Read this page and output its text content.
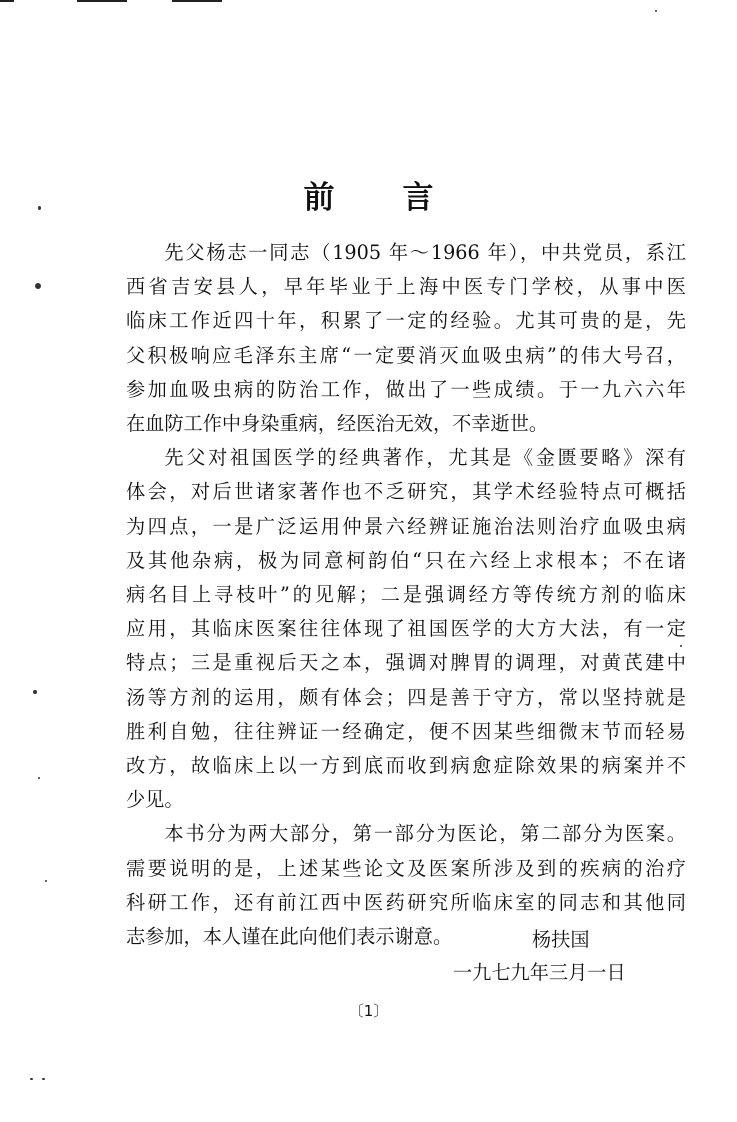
前 言
先父杨志一同志（1905 年～1966 年），中共党员，系江
西省吉安县人，早年毕业于上海中医专门学校，从事中医
临床工作近四十年，积累了一定的经验。尤其可贵的是，先
父积极响应毛泽东主席“一定要消灭血吸虫病”的伟大号召，
参加血吸虫病的防治工作，做出了一些成绩。于一九六六年
在血防工作中身染重病，经医治无效，不幸逝世。
先父对祖国医学的经典著作，尤其是《金匮要略》深有
体会，对后世诸家著作也不乏研究，其学术经验特点可概括
为四点，一是广泛运用仲景六经辨证施治法则治疗血吸虫病
及其他杂病，极为同意柯韵伯“只在六经上求根本；不在诸
病名目上寻枝叶”的见解；二是强调经方等传统方剂的临床
应用，其临床医案往往体现了祖国医学的大方大法，有一定
特点；三是重视后天之本，强调对脾胃的调理，对黄芪建中
汤等方剂的运用，颇有体会；四是善于守方，常以坚持就是
胜利自勉，往往辨证一经确定，便不因某些细微末节而轻易
改方，故临床上以一方到底而收到病愈症除效果的病案并不
少见。
本书分为两大部分，第一部分为医论，第二部分为医案。
需要说明的是，上述某些论文及医案所涉及到的疾病的治疗
科研工作，还有前江西中医药研究所临床室的同志和其他同
志参加，本人谨在此向他们表示谢意。	杨扶国
一九七九年三月一日
〔1〕
